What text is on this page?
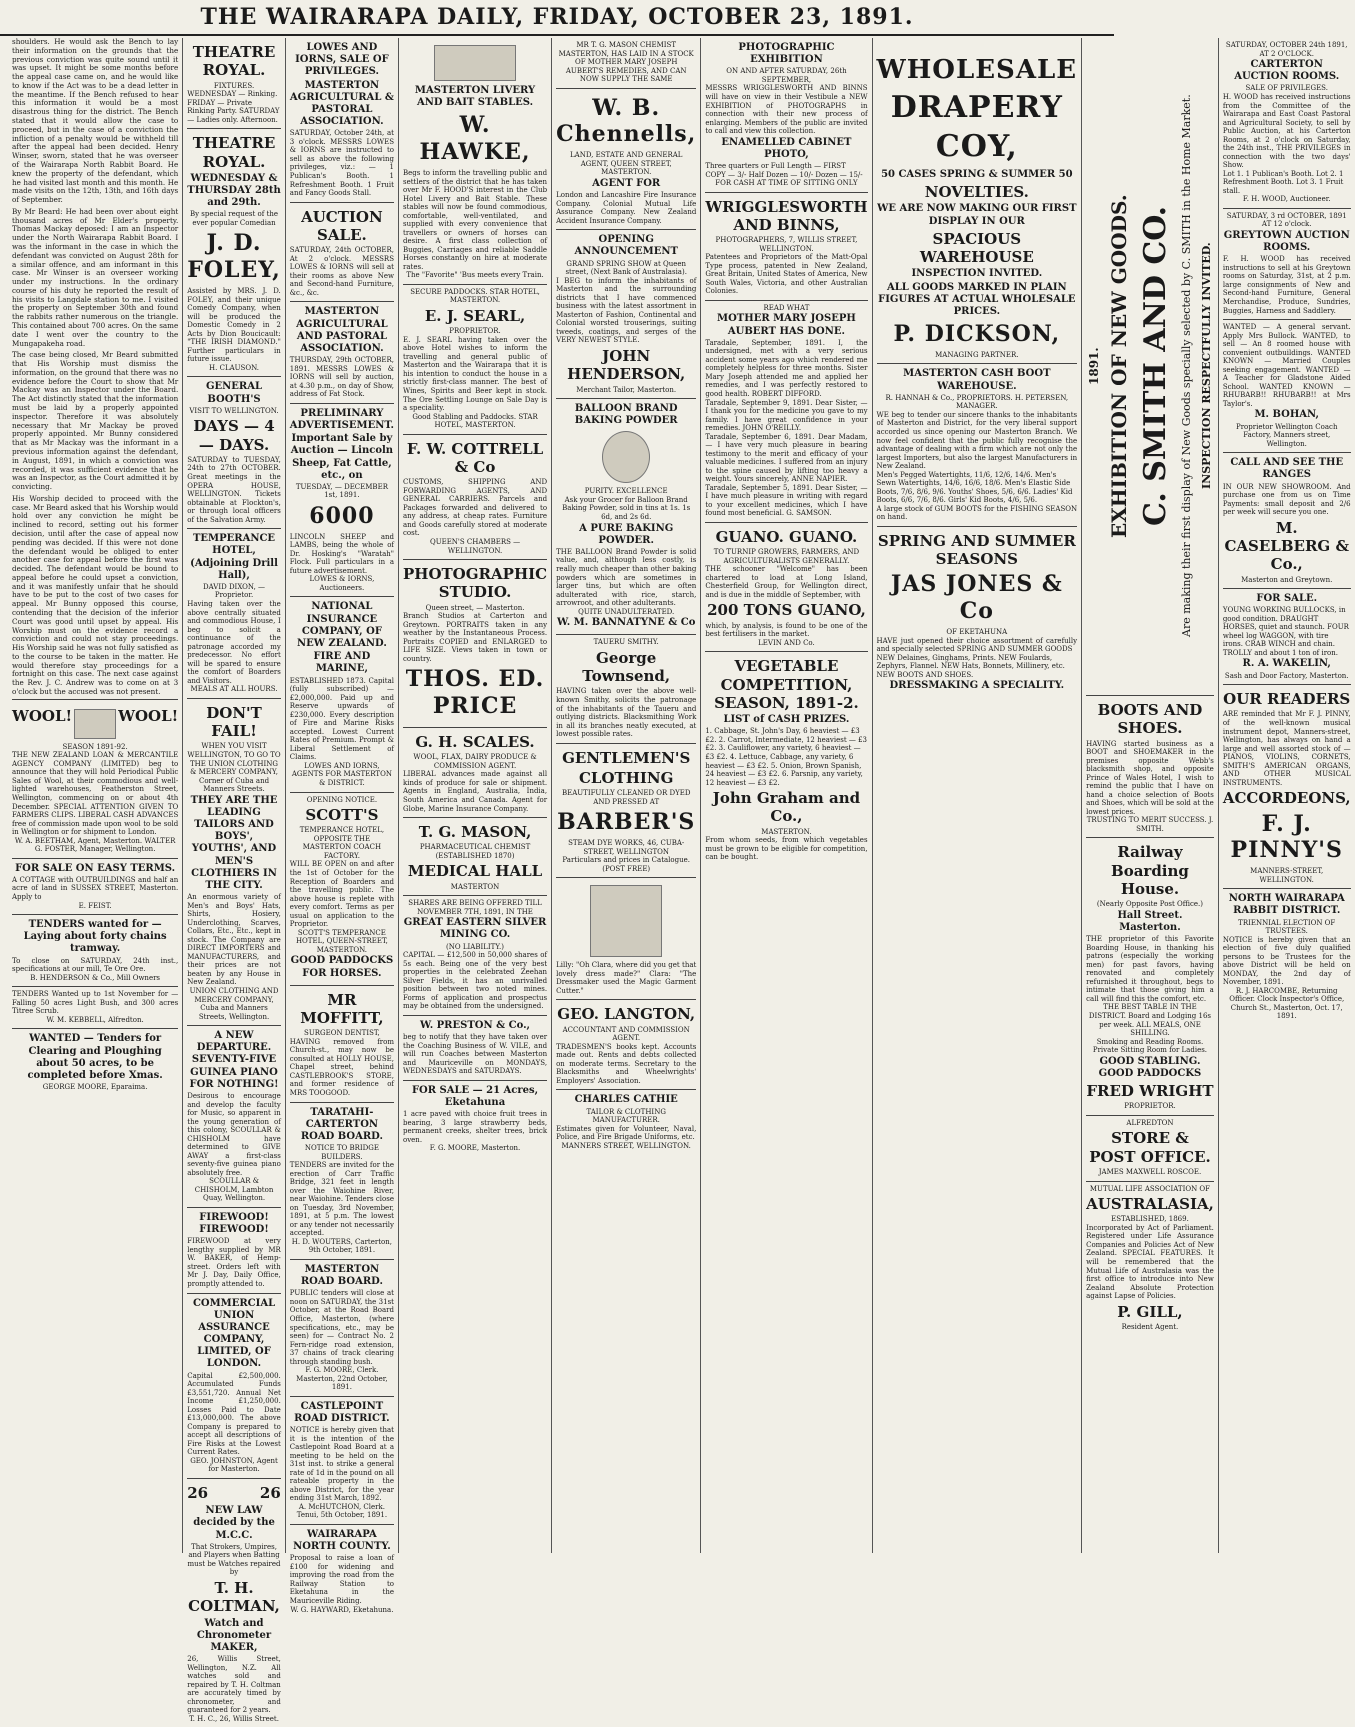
THE WAIRARAPA DAILY, FRIDAY, OCTOBER 23, 1891.
shoulders. He would ask the Bench to lay their information on the grounds that the previous conviction was quite sound until it was upset. It might be some months before the appeal case came on, and he would like to know if the Act was to be a dead letter in the meantime. If the Bench refused to hear this information it would be a most disastrous thing for the district. The Bench stated that it would allow the case to proceed, but in the case of a conviction the infliction of a penalty would be withheld till after the appeal had been decided. Henry Winser, sworn, stated that he was overseer of the Wairarapa North Rabbit Board. He knew the property of the defendant, which he had visited last month and this month. He made visits on the 12th, 13th, and 16th days of September.
By Mr Beard: He had been over about eight thousand acres of Mr Elder's property. Thomas Mackay deposed: I am an Inspector under the North Wairarapa Rabbit Board. I was the informant in the case in which the defendant was convicted on August 28th for a similar offence, and am informant in this case. Mr Winser is an overseer working under my instructions. In the ordinary course of his duty he reported the result of his visits to Langdale station to me. I visited the property on September 30th and found the rabbits rather numerous on the triangle. This contained about 700 acres. On the same date I went over the country to the Mungapakeha road.
The case being closed, Mr Beard submitted that His Worship must dismiss the information, on the ground that there was no evidence before the Court to show that Mr Mackay was an Inspector under the Board. The Act distinctly stated that the information must be laid by a properly appointed inspector. Therefore it was absolutely necessary that Mr Mackay be proved properly appointed. Mr Bunny considered that as Mr Mackay was the informant in a previous information against the defendant, in August, 1891, in which a conviction was recorded, it was sufficient evidence that he was an Inspector, as the Court admitted it by convicting.
His Worship decided to proceed with the case. Mr Beard asked that his Worship would hold over any conviction he might be inclined to record, setting out his former decision, until after the case of appeal now pending was decided. If this were not done the defendant would be obliged to enter another case for appeal before the first was decided. The defendant would be bound to appeal before he could upset a conviction, and it was manifestly unfair that he should have to be put to the cost of two cases for appeal. Mr Bunny opposed this course, contending that the decision of the inferior Court was good until upset by appeal. His Worship must on the evidence record a conviction and could not stay proceedings. His Worship said he was not fully satisfied as to the course to be taken in the matter. He would therefore stay proceedings for a fortnight on this case. The next case against the Rev. J. C. Andrew was to come on at 3 o'clock but the accused was not present.
WOOL!	WOOL!
SEASON 1891-92.
THE NEW ZEALAND LOAN & MERCANTILE AGENCY COMPANY (LIMITED) beg to announce that they will hold Periodical Public Sales of Wool, at their commodious and well-lighted warehouses, Featherston Street, Wellington, commencing on or about 4th December. SPECIAL ATTENTION GIVEN TO FARMERS CLIPS. LIBERAL CASH ADVANCES free of commission made upon wool to be sold in Wellington or for shipment to London.
W. A. BEETHAM, Agent, Masterton. WALTER G. FOSTER, Manager, Wellington.
FOR SALE ON EASY TERMS.
A COTTAGE with OUTBUILDINGS and half an acre of land in SUSSEX STREET, Masterton. Apply to
E. FEIST.
TENDERS wanted for — Laying about forty chains tramway.
To close on SATURDAY, 24th inst., specifications at our mill, Te Ore Ore.
B. HENDERSON & Co., Mill Owners
TENDERS Wanted up to 1st November for — Falling 50 acres Light Bush, and 300 acres Titree Scrub.
W. M. KEBBELL, Alfredton.
WANTED — Tenders for Clearing and Ploughing about 50 acres, to be completed before Xmas.
GEORGE MOORE, Eparaima.
THEATRE ROYAL.
FIXTURES.
WEDNESDAY — Rinking. FRIDAY — Private Rinking Party. SATURDAY — Ladies only. Afternoon.
THEATRE ROYAL.
WEDNESDAY & THURSDAY 28th and 29th.
By special request of the ever popular Comedian
J. D. FOLEY,
Assisted by MRS. J. D. FOLEY, and their unique Comedy Company, when will be produced the Domestic Comedy in 2 Acts by Dion Boucicault: "THE IRISH DIAMOND." Further particulars in future issue.
H. CLAUSON.
GENERAL BOOTH'S
VISIT TO WELLINGTON.
DAYS — 4 — DAYS.
SATURDAY to TUESDAY, 24th to 27th OCTOBER. Great meetings in the OPERA HOUSE, WELLINGTON. Tickets obtainable at Flockton's, or through local officers of the Salvation Army.
TEMPERANCE HOTEL, (Adjoining Drill Hall),
DAVID DIXON, — Proprietor.
Having taken over the above centrally situated and commodious House, I beg to solicit a continuance of the patronage accorded my predecessor. No effort will be spared to ensure the comfort of Boarders and Visitors.
MEALS AT ALL HOURS.
DON'T FAIL!
WHEN YOU VISIT WELLINGTON, TO GO TO THE UNION CLOTHING & MERCERY COMPANY, Corner of Cuba and Manners Streets.
THEY ARE THE LEADING TAILORS AND BOYS', YOUTHS', AND MEN'S CLOTHIERS IN THE CITY.
An enormous variety of Men's and Boys' Hats, Shirts, Hosiery, Underclothing, Scarves, Collars, Etc., Etc., kept in stock. The Company are DIRECT IMPORTERS and MANUFACTURERS, and their prices are not beaten by any House in New Zealand.
UNION CLOTHING AND MERCERY COMPANY, Cuba and Manners Streets, Wellington.
A NEW DEPARTURE. SEVENTY-FIVE GUINEA PIANO FOR NOTHING!
Desirous to encourage and develop the faculty for Music, so apparent in the young generation of this colony, SCOULLAR & CHISHOLM have determined to GIVE AWAY a first-class seventy-five guinea piano absolutely free.
SCOULLAR & CHISHOLM, Lambton Quay, Wellington.
FIREWOOD! FIREWOOD!
FIREWOOD at very lengthy supplied by MR W. BAKER, of Hemp-street. Orders left with Mr J. Day, Daily Office, promptly attended to.
COMMERCIAL UNION ASSURANCE COMPANY, LIMITED, OF LONDON.
Capital £2,500,000. Accumulated Funds £3,551,720. Annual Net Income £1,250,000. Losses Paid to Date £13,000,000. The above Company is prepared to accept all descriptions of Fire Risks at the Lowest Current Rates.
GEO. JOHNSTON, Agent for Masterton.
26	26
NEW LAW decided by the M.C.C.
That Strokers, Umpires, and Players when Batting must be Watches repaired by
T. H. COLTMAN,
Watch and Chronometer MAKER,
26, Willis Street, Wellington, N.Z. All watches sold and repaired by T. H. Coltman are accurately timed by chronometer, and guaranteed for 2 years.
T. H. C., 26, Willis Street.
LOWES AND IORNS, SALE OF PRIVILEGES.
MASTERTON AGRICULTURAL & PASTORAL ASSOCIATION.
SATURDAY, October 24th, at 3 o'clock. MESSRS LOWES & IORNS are instructed to sell as above the following privileges, viz.: — 1 Publican's Booth. 1 Refreshment Booth. 1 Fruit and Fancy Goods Stall.
AUCTION SALE.
SATURDAY, 24th OCTOBER, At 2 o'clock. MESSRS LOWES & IORNS will sell at their rooms as above New and Second-hand Furniture, &c., &c.
MASTERTON AGRICULTURAL AND PASTORAL ASSOCIATION.
THURSDAY, 29th OCTOBER, 1891. MESSRS LOWES & IORNS will sell by auction, at 4.30 p.m., on day of Show, address of Fat Stock.
PRELIMINARY ADVERTISEMENT.
Important Sale by Auction — Lincoln Sheep, Fat Cattle, etc., on
TUESDAY, — DECEMBER 1st, 1891.
6000
LINCOLN SHEEP and LAMBS, being the whole of Dr. Hosking's "Waratah" Flock. Full particulars in a future advertisement.
LOWES & IORNS, Auctioneers.
NATIONAL INSURANCE COMPANY, OF NEW ZEALAND.
FIRE AND MARINE,
ESTABLISHED 1873. Capital (fully subscribed) — £2,000,000. Paid up and Reserve upwards of £230,000. Every description of Fire and Marine Risks accepted. Lowest Current Rates of Premium. Prompt & Liberal Settlement of Claims.
LOWES AND IORNS, AGENTS FOR MASTERTON & DISTRICT.
OPENING NOTICE.
SCOTT'S
TEMPERANCE HOTEL, OPPOSITE THE MASTERTON COACH FACTORY.
WILL BE OPEN on and after the 1st of October for the Reception of Boarders and the travelling public. The above house is replete with every comfort. Terms as per usual on application to the Proprietor.
SCOTT'S TEMPERANCE HOTEL, QUEEN-STREET, MASTERTON.
GOOD PADDOCKS FOR HORSES.
MR MOFFITT,
SURGEON DENTIST,
HAVING removed from Church-st., may now be consulted at HOLLY HOUSE, Chapel street, behind CASTLEBROOK'S STORE, and former residence of MRS TOOGOOD.
TARATAHI-CARTERTON ROAD BOARD.
NOTICE TO BRIDGE BUILDERS.
TENDERS are invited for the erection of Carr Traffic Bridge, 321 feet in length over the Waiohine River, near Waiohine. Tenders close on Tuesday, 3rd November, 1891, at 5 p.m. The lowest or any tender not necessarily accepted.
H. D. WOUTERS, Carterton, 9th October, 1891.
MASTERTON ROAD BOARD.
PUBLIC tenders will close at noon on SATURDAY, the 31st October, at the Road Board Office, Masterton, (where specifications, etc., may be seen) for — Contract No. 2 Fern-ridge road extension, 37 chains of track clearing through standing bush.
F. G. MOORE, Clerk. Masterton, 22nd October, 1891.
CASTLEPOINT ROAD DISTRICT.
NOTICE is hereby given that it is the intention of the Castlepoint Road Board at a meeting to be held on the 31st inst. to strike a general rate of 1d in the pound on all rateable property in the above District, for the year ending 31st March, 1892.
A. McHUTCHON, Clerk. Tenui, 5th October, 1891.
WAIRARAPA NORTH COUNTY.
Proposal to raise a loan of £100 for widening and improving the road from the Railway Station to Eketahuna in the Mauriceville Riding.
W. G. HAYWARD, Eketahuna.
MASTERTON LIVERY AND BAIT STABLES.
W. HAWKE,
Begs to inform the travelling public and settlers of the district that he has taken over Mr F. HOOD'S interest in the Club Hotel Livery and Bait Stable. These stables will now be found commodious, comfortable, well-ventilated, and supplied with every convenience that travellers or owners of horses can desire. A first class collection of Buggies, Carriages and reliable Saddle Horses constantly on hire at moderate rates.
The "Favorite" 'Bus meets every Train.
SECURE PADDOCKS. STAR HOTEL, MASTERTON.
E. J. SEARL,
PROPRIETOR.
E. J. SEARL having taken over the above Hotel wishes to inform the travelling and general public of Masterton and the Wairarapa that it is his intention to conduct the house in a strictly first-class manner. The best of Wines, Spirits and Beer kept in stock. The Ore Settling Lounge on Sale Day is a speciality.
Good Stabling and Paddocks. STAR HOTEL, MASTERTON.
F. W. COTTRELL & Co
CUSTOMS, SHIPPING AND FORWARDING AGENTS, AND GENERAL CARRIERS. Parcels and Packages forwarded and delivered to any address, at cheap rates. Furniture and Goods carefully stored at moderate cost.
QUEEN'S CHAMBERS — WELLINGTON.
PHOTOGRAPHIC STUDIO.
Queen street, — Masterton.
Branch Studios at Carterton and Greytown. PORTRAITS taken in any weather by the Instantaneous Process. Portraits COPIED and ENLARGED to LIFE SIZE. Views taken in town or country.
THOS. ED. PRICE
G. H. SCALES.
WOOL, FLAX, DAIRY PRODUCE & COMMISSION AGENT.
LIBERAL advances made against all kinds of produce for sale or shipment. Agents in England, Australia, India, South America and Canada. Agent for Globe, Marine Insurance Company.
T. G. MASON,
PHARMACEUTICAL CHEMIST (ESTABLISHED 1870)
MEDICAL HALL
MASTERTON
SHARES ARE BEING OFFERED TILL NOVEMBER 7TH, 1891, IN THE
GREAT EASTERN SILVER MINING CO.
(NO LIABILITY.)
CAPITAL — £12,500 in 50,000 shares of 5s each. Being one of the very best properties in the celebrated Zeehan Silver Fields, it has an unrivalled position between two noted mines. Forms of application and prospectus may be obtained from the undersigned.
W. PRESTON & Co.,
beg to notify that they have taken over the Coaching Business of W. VILE, and will run Coaches between Masterton and Mauriceville on MONDAYS, WEDNESDAYS and SATURDAYS.
FOR SALE — 21 Acres, Eketahuna
1 acre paved with choice fruit trees in bearing, 3 large strawberry beds, permanent creeks, shelter trees, brick oven.
F. G. MOORE, Masterton.
MR T. G. MASON CHEMIST MASTERTON, HAS LAID IN A STOCK OF MOTHER MARY JOSEPH AUBERT'S REMEDIES, AND CAN NOW SUPPLY THE SAME
W. B. Chennells,
LAND, ESTATE AND GENERAL AGENT, QUEEN STREET, MASTERTON.
AGENT FOR
London and Lancashire Fire Insurance Company. Colonial Mutual Life Assurance Company. New Zealand Accident Insurance Company.
OPENING ANNOUNCEMENT
GRAND SPRING SHOW at Queen street, (Next Bank of Australasia).
I BEG to inform the inhabitants of Masterton and the surrounding districts that I have commenced business with the latest assortment in Masterton of Fashion, Continental and Colonial worsted trouserings, suiting tweeds, coatings, and serges of the VERY NEWEST STYLE.
JOHN HENDERSON,
Merchant Tailor, Masterton.
BALLOON BRAND BAKING POWDER
PURITY. EXCELLENCE
Ask your Grocer for Balloon Brand Baking Powder, sold in tins at 1s. 1s 6d, and 2s 6d.
A PURE BAKING POWDER.
THE BALLOON Brand Powder is solid value, and, although less costly, is really much cheaper than other baking powders which are sometimes in larger tins, but which are often adulterated with rice, starch, arrowroot, and other adulterants.
QUITE UNADULTERATED.
W. M. BANNATYNE & Co
TAUERU SMITHY.
George Townsend,
HAVING taken over the above well-known Smithy, solicits the patronage of the inhabitants of the Taueru and outlying districts. Blacksmithing Work in all its branches neatly executed, at lowest possible rates.
GENTLEMEN'S
CLOTHING
BEAUTIFULLY CLEANED OR DYED AND PRESSED AT
BARBER'S
STEAM DYE WORKS, 46, CUBA-STREET, WELLINGTON
Particulars and prices in Catalogue. (POST FREE)
Lilly: "Oh Clara, where did you get that lovely dress made?" Clara: "The Dressmaker used the Magic Garment Cutter."
GEO. LANGTON,
ACCOUNTANT AND COMMISSION AGENT.
TRADESMEN'S books kept. Accounts made out. Rents and debts collected on moderate terms. Secretary to the Blacksmiths and Wheelwrights' Employers' Association.
CHARLES CATHIE
TAILOR & CLOTHING MANUFACTURER.
Estimates given for Volunteer, Naval, Police, and Fire Brigade Uniforms, etc.
MANNERS STREET, WELLINGTON.
PHOTOGRAPHIC EXHIBITION
ON AND AFTER SATURDAY, 26th SEPTEMBER,
MESSRS WRIGGLESWORTH AND BINNS will have on view in their Vestibule a NEW EXHIBITION of PHOTOGRAPHS in connection with their new process of enlarging. Members of the public are invited to call and view this collection.
ENAMELLED CABINET PHOTO,
Three quarters or Full Length — FIRST COPY — 3/- Half Dozen — 10/- Dozen — 15/-
FOR CASH AT TIME OF SITTING ONLY
WRIGGLESWORTH AND BINNS,
PHOTOGRAPHERS, 7, WILLIS STREET, WELLINGTON.
Patentees and Proprietors of the Matt-Opal Type process, patented in New Zealand, Great Britain, United States of America, New South Wales, Victoria, and other Australian Colonies.
READ WHAT
MOTHER MARY JOSEPH AUBERT HAS DONE.
Taradale, September, 1891. I, the undersigned, met with a very serious accident some years ago which rendered me completely helpless for three months. Sister Mary Joseph attended me and applied her remedies, and I was perfectly restored to good health. ROBERT DIFFORD.
Taradale, September 9, 1891. Dear Sister, — I thank you for the medicine you gave to my family. I have great confidence in your remedies. JOHN O'REILLY.
Taradale, September 6, 1891. Dear Madam, — I have very much pleasure in bearing testimony to the merit and efficacy of your valuable medicines. I suffered from an injury to the spine caused by lifting too heavy a weight. Yours sincerely, ANNE NAPIER.
Taradale, September 5, 1891. Dear Sister, — I have much pleasure in writing with regard to your excellent medicines, which I have found most beneficial. G. SAMSON.
GUANO. GUANO.
TO TURNIP GROWERS, FARMERS, AND AGRICULTURALISTS GENERALLY.
THE schooner "Welcome" has been chartered to load at Long Island, Chesterfield Group, for Wellington direct, and is due in the middle of September, with
200 TONS GUANO,
which, by analysis, is found to be one of the best fertilisers in the market.
LEVIN AND Co.
VEGETABLE COMPETITION, SEASON, 1891-2.
LIST of CASH PRIZES.
1. Cabbage, St. John's Day, 6 heaviest — £3 £2. 2. Carrot, Intermediate, 12 heaviest — £3 £2. 3. Cauliflower, any variety, 6 heaviest — £3 £2. 4. Lettuce, Cabbage, any variety, 6 heaviest — £3 £2. 5. Onion, Brown Spanish, 24 heaviest — £3 £2. 6. Parsnip, any variety, 12 heaviest — £3 £2.
John Graham and Co.,
MASTERTON.
From whom seeds, from which vegetables must be grown to be eligible for competition, can be bought.
WHOLESALE
DRAPERY
COY,
50 CASES SPRING & SUMMER 50
NOVELTIES.
WE ARE NOW MAKING OUR FIRST DISPLAY IN OUR
SPACIOUS WAREHOUSE
INSPECTION INVITED.
ALL GOODS MARKED IN PLAIN FIGURES AT ACTUAL WHOLESALE PRICES.
P. DICKSON,
MANAGING PARTNER.
MASTERTON CASH BOOT WAREHOUSE.
R. HANNAH & Co., PROPRIETORS. H. PETERSEN, MANAGER.
WE beg to tender our sincere thanks to the inhabitants of Masterton and District, for the very liberal support accorded us since opening our Masterton Branch. We now feel confident that the public fully recognise the advantage of dealing with a firm which are not only the largest Importers, but also the largest Manufacturers in New Zealand.
Men's Pegged Watertights, 11/6, 12/6, 14/6. Men's Sewn Watertights, 14/6, 16/6, 18/6. Men's Elastic Side Boots, 7/6, 8/6, 9/6. Youths' Shoes, 5/6, 6/6. Ladies' Kid Boots, 6/6, 7/6, 8/6. Girls' Kid Boots, 4/6, 5/6.
A large stock of GUM BOOTS for the FISHING SEASON on hand.
SPRING AND SUMMER SEASONS
JAS JONES & Co
OF EKETAHUNA
HAVE just opened their choice assortment of carefully and specially selected SPRING AND SUMMER GOODS
NEW Delaines, Ginghams, Prints. NEW Foulards, Zephyrs, Flannel. NEW Hats, Bonnets, Millinery, etc. NEW BOOTS AND SHOES.
DRESSMAKING A SPECIALITY.
1891. EXHIBITION OF NEW GOODS. C. SMITH AND CO. Are making their first display of New Goods specially selected by C. SMITH in the Home Market. INSPECTION RESPECTFULLY INVITED.
BOOTS AND SHOES.
HAVING started business as a BOOT and SHOEMAKER in the premises opposite Webb's blacksmith shop, and opposite Prince of Wales Hotel, I wish to remind the public that I have on hand a choice selection of Boots and Shoes, which will be sold at the lowest prices.
TRUSTING TO MERIT SUCCESS. J. SMITH.
Railway Boarding House.
(Nearly Opposite Post Office.)
Hall Street. Masterton.
THE proprietor of this Favorite Boarding House, in thanking his patrons (especially the working men) for past favors, having renovated and completely refurnished it throughout, begs to intimate that those giving him a call will find this the comfort, etc.
THE BEST TABLE IN THE DISTRICT. Board and Lodging 16s per week. ALL MEALS, ONE SHILLING.
Smoking and Reading Rooms. Private Sitting Room for Ladies.
GOOD STABLING. GOOD PADDOCKS
FRED WRIGHT
PROPRIETOR.
ALFREDTON
STORE & POST OFFICE.
JAMES MAXWELL ROSCOE.
MUTUAL LIFE ASSOCIATION OF
AUSTRALASIA,
ESTABLISHED, 1869.
Incorporated by Act of Parliament. Registered under Life Assurance Companies and Policies Act of New Zealand. SPECIAL FEATURES. It will be remembered that the Mutual Life of Australasia was the first office to introduce into New Zealand Absolute Protection against Lapse of Policies.
P. GILL,
Resident Agent.
SATURDAY, OCTOBER 24th 1891, AT 2 O'CLOCK.
CARTERTON AUCTION ROOMS.
SALE OF PRIVILEGES.
H. WOOD has received instructions from the Committee of the Wairarapa and East Coast Pastoral and Agricultural Society, to sell by Public Auction, at his Carterton Rooms, at 2 o'clock on Saturday, the 24th inst., THE PRIVILEGES in connection with the two days' Show.
Lot 1. 1 Publican's Booth. Lot 2. 1 Refreshment Booth. Lot 3. 1 Fruit stall.
F. H. WOOD, Auctioneer.
SATURDAY, 3 rd OCTOBER, 1891 AT 12 o'clock.
GREYTOWN AUCTION ROOMS.
F. H. WOOD has received instructions to sell at his Greytown rooms on Saturday, 31st, at 2 p.m. large consignments of New and Second-hand Furniture, General Merchandise, Produce, Sundries, Buggies, Harness and Saddlery.
WANTED — A general servant. Apply Mrs Bullock. WANTED, to sell — An 8 roomed house with convenient outbuildings. WANTED KNOWN — Married Couples seeking engagement. WANTED — A Teacher for Gladstone Aided School. WANTED KNOWN — RHUBARB!! RHUBARB!! at Mrs Taylor's.
M. BOHAN,
Proprietor Wellington Coach Factory, Manners street, Wellington.
CALL AND SEE THE RANGES
IN OUR NEW SHOWROOM. And purchase one from us on Time Payments: small deposit and 2/6 per week will secure you one.
M. CASELBERG & Co.,
Masterton and Greytown.
FOR SALE.
YOUNG WORKING BULLOCKS, in good condition. DRAUGHT HORSES, quiet and staunch. FOUR wheel log WAGGON, with tire irons. CRAB WINCH and chain. TROLLY and about 1 ton of iron.
R. A. WAKELIN,
Sash and Door Factory, Masterton.
OUR READERS
ARE reminded that Mr F. J. PINNY, of the well-known musical instrument depot, Manners-street, Wellington, has always on hand a large and well assorted stock of — PIANOS, VIOLINS, CORNETS, SMITH'S AMERICAN ORGANS, AND OTHER MUSICAL INSTRUMENTS.
ACCORDEONS,
F. J. PINNY'S
MANNERS-STREET, WELLINGTON.
NORTH WAIRARAPA RABBIT DISTRICT.
TRIENNIAL ELECTION OF TRUSTEES.
NOTICE is hereby given that an election of five duly qualified persons to be Trustees for the above District will be held on MONDAY, the 2nd day of November, 1891.
R. J. HARCOMBE, Returning Officer. Clock Inspector's Office, Church St., Masterton, Oct. 17, 1891.
